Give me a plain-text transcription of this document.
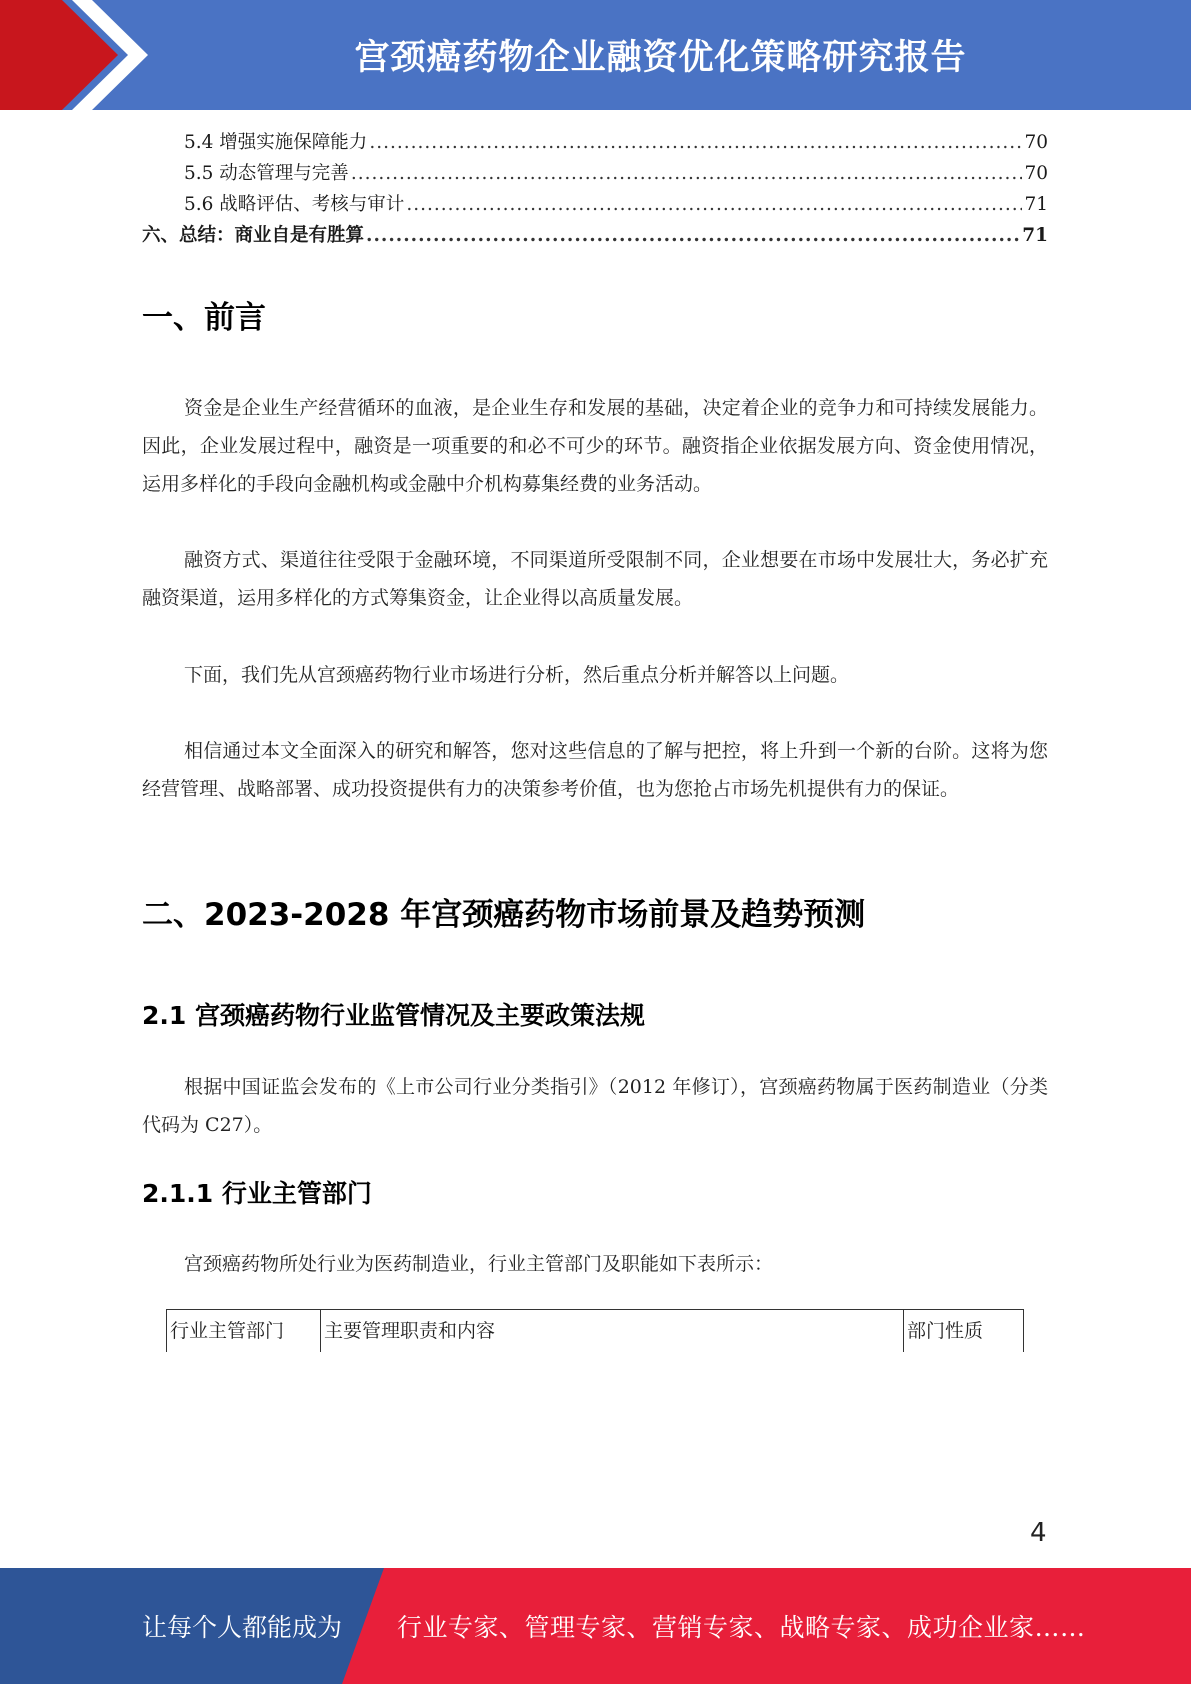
宫颈癌药物企业融资优化策略研究报告
5.4 增强实施保障能力 .....	70
5.5 动态管理与完善 .....	70
5.6 战略评估、考核与审计 .....	71
六、总结：商业自是有胜算 .....	71
一、前言
资金是企业生产经营循环的血液，是企业生存和发展的基础，决定着企业的竞争力和可持续发展能力。因此，企业发展过程中，融资是一项重要的和必不可少的环节。融资指企业依据发展方向、资金使用情况，运用多样化的手段向金融机构或金融中介机构募集经费的业务活动。
融资方式、渠道往往受限于金融环境，不同渠道所受限制不同，企业想要在市场中发展壮大，务必扩充融资渠道，运用多样化的方式筹集资金，让企业得以高质量发展。
下面，我们先从宫颈癌药物行业市场进行分析，然后重点分析并解答以上问题。
相信通过本文全面深入的研究和解答，您对这些信息的了解与把控，将上升到一个新的台阶。这将为您经营管理、战略部署、成功投资提供有力的决策参考价值，也为您抢占市场先机提供有力的保证。
二、2023-2028 年宫颈癌药物市场前景及趋势预测
2.1 宫颈癌药物行业监管情况及主要政策法规
根据中国证监会发布的《上市公司行业分类指引》（2012 年修订），宫颈癌药物属于医药制造业（分类代码为 C27）。
2.1.1 行业主管部门
宫颈癌药物所处行业为医药制造业，行业主管部门及职能如下表所示：
行业主管部门	主要管理职责和内容	部门性质
4
让每个人都能成为 行业专家、管理专家、营销专家、战略专家、成功企业家……
